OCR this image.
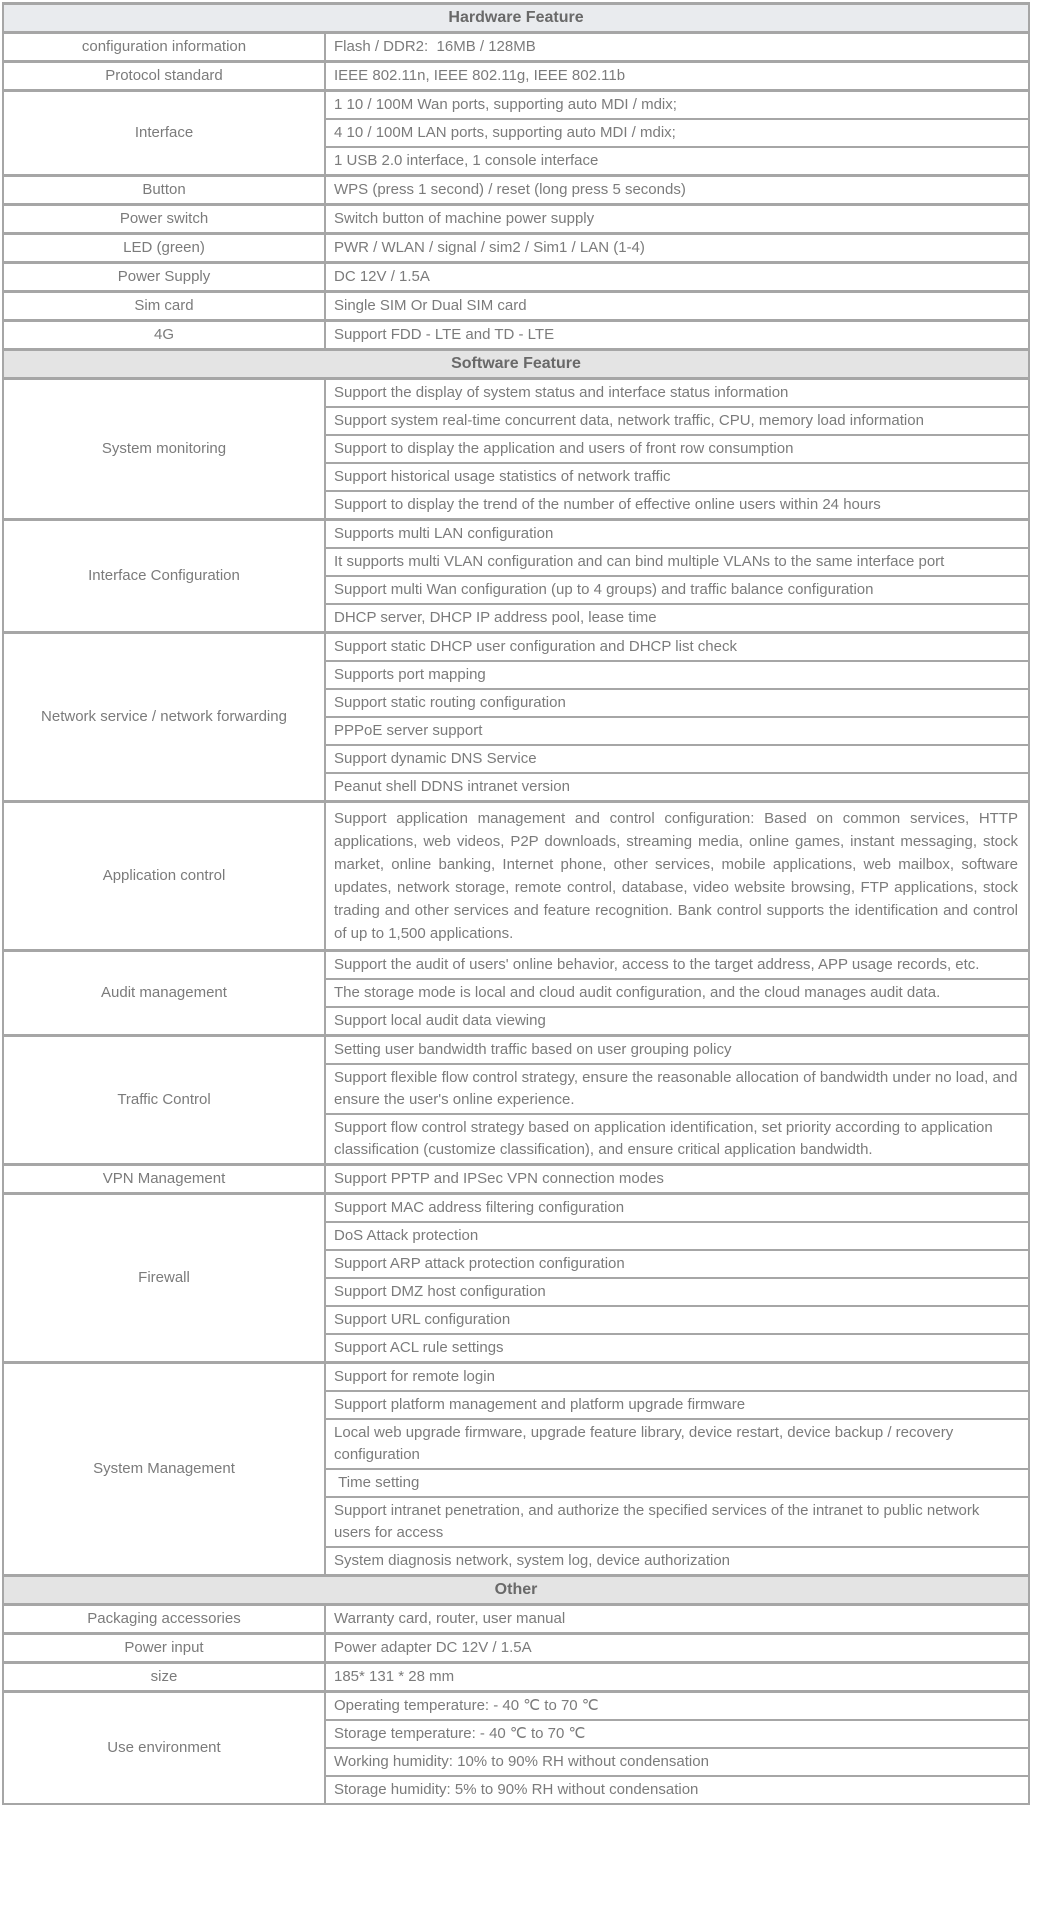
Hardware Feature	
configuration information	Flash / DDR2:  16MB / 128MB
Protocol standard	IEEE 802.11n, IEEE 802.11g, IEEE 802.11b
Interface	1 10 / 100M Wan ports, supporting auto MDI / mdix;
	4 10 / 100M LAN ports, supporting auto MDI / mdix;
	1 USB 2.0 interface, 1 console interface
Button	WPS (press 1 second) / reset (long press 5 seconds)
Power switch	Switch button of machine power supply
LED (green)	PWR / WLAN / signal / sim2 / Sim1 / LAN (1-4)
Power Supply	DC 12V / 1.5A
Sim card	Single SIM Or Dual SIM card
4G	Support FDD - LTE and TD - LTE
Software Feature	
System monitoring	Support the display of system status and interface status information
	Support system real-time concurrent data, network traffic, CPU, memory load information
	Support to display the application and users of front row consumption
	Support historical usage statistics of network traffic
	Support to display the trend of the number of effective online users within 24 hours
Interface Configuration	Supports multi LAN configuration
	It supports multi VLAN configuration and can bind multiple VLANs to the same interface port
	Support multi Wan configuration (up to 4 groups) and traffic balance configuration
	DHCP server, DHCP IP address pool, lease time
Network service / network forwarding	Support static DHCP user configuration and DHCP list check
	Supports port mapping
	Support static routing configuration
	PPPoE server support
	Support dynamic DNS Service
	Peanut shell DDNS intranet version
Application control	Support application management and control configuration: Based on common services, HTTP applications, web videos, P2P downloads, streaming media, online games, instant messaging, stock market, online banking, Internet phone, other services, mobile applications, web mailbox, software updates, network storage, remote control, database, video website browsing, FTP applications, stock trading and other services and feature recognition. Bank control supports the identification and control of up to 1,500 applications.
Audit management	Support the audit of users' online behavior, access to the target address, APP usage records, etc.
	The storage mode is local and cloud audit configuration, and the cloud manages audit data.
	Support local audit data viewing
Traffic Control	Setting user bandwidth traffic based on user grouping policy
	Support flexible flow control strategy, ensure the reasonable allocation of bandwidth under no load, and ensure the user's online experience.
	Support flow control strategy based on application identification, set priority according to application classification (customize classification), and ensure critical application bandwidth.
VPN Management	Support PPTP and IPSec VPN connection modes
Firewall	Support MAC address filtering configuration
	DoS Attack protection
	Support ARP attack protection configuration
	Support DMZ host configuration
	Support URL configuration
	Support ACL rule settings
System Management	Support for remote login
	Support platform management and platform upgrade firmware
	Local web upgrade firmware, upgrade feature library, device restart, device backup / recovery configuration
	Time setting
	Support intranet penetration, and authorize the specified services of the intranet to public network users for access
	System diagnosis network, system log, device authorization
Other	
Packaging accessories	Warranty card, router, user manual
Power input	Power adapter DC 12V / 1.5A
size	185* 131 * 28 mm
Use environment	Operating temperature: - 40 ℃ to 70 ℃
	Storage temperature: - 40 ℃ to 70 ℃
	Working humidity: 10% to 90% RH without condensation
	Storage humidity: 5% to 90% RH without condensation
